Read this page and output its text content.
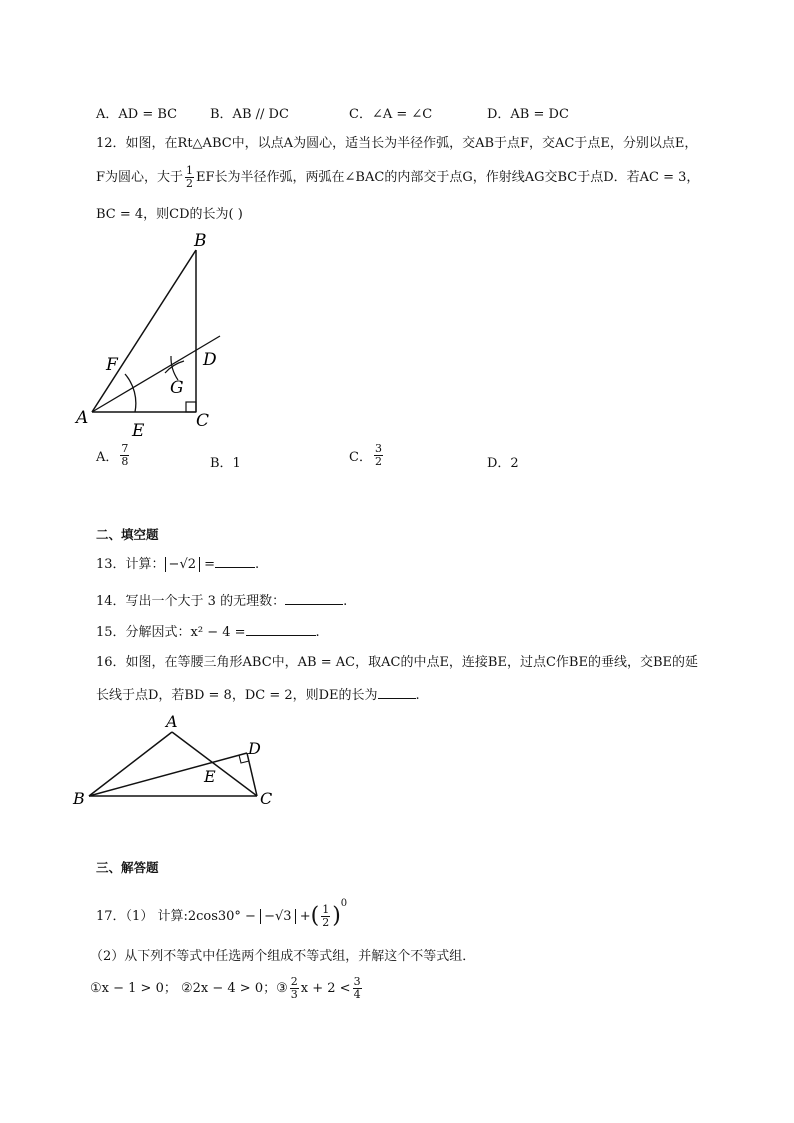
A．AD = BC	B．AB // DC	C．∠A = ∠C	D．AB = DC
12．如图，在Rt△ABC中，以点A为圆心，适当长为半径作弧，交AB于点F，交AC于点E，分别以点E，
F为圆心，大于 $\frac{1}{2}$ EF长为半径作弧，两弧在∠BAC的内部交于点G，作射线AG交BC于点D．若AC = 3，
BC = 4，则CD的长为( )
B
F	D
G
A
E	C
A． $\frac{7}{8}$	B．1	C． $\frac{3}{2}$	D．2
二、填空题
13．计算： −√2 =	.
14．写出一个大于 3 的无理数：	.
15．分解因式：x² − 4 =	.
16．如图，在等腰三角形ABC中，AB = AC，取AC的中点E，连接BE，过点C作BE的垂线，交BE的延
长线于点D，若BD = 8，DC = 2，则DE的长为	.
A
D
E
B	C
三、解答题
17．（1） 计算:2cos30° − −√3 +( $\frac{1}{2} )^0$
（2）从下列不等式中任选两个组成不等式组，并解这个不等式组．
①x − 1 > 0； ②2x − 4 > 0；③ $\frac{2}{3}$ $x + 2 < \frac{3}{4}$
